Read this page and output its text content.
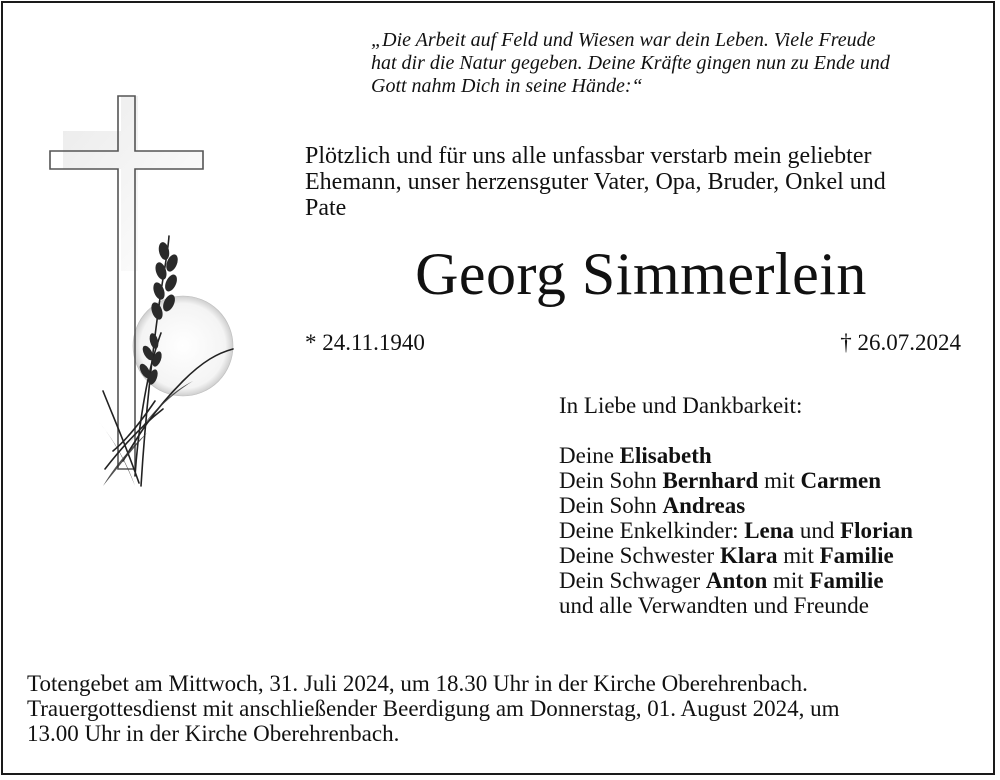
„Die Arbeit auf Feld und Wiesen war dein Leben. Viele Freude
hat dir die Natur gegeben. Deine Kräfte gingen nun zu Ende und
Gott nahm Dich in seine Hände:“
Plötzlich und für uns alle unfassbar verstarb mein geliebter
Ehemann, unser herzensguter Vater, Opa, Bruder, Onkel und
Pate
Georg Simmerlein
* 24.11.1940	† 26.07.2024
In Liebe und Dankbarkeit:
Deine Elisabeth
Dein Sohn Bernhard mit Carmen
Dein Sohn Andreas
Deine Enkelkinder: Lena und Florian
Deine Schwester Klara mit Familie
Dein Schwager Anton mit Familie
und alle Verwandten und Freunde
Totengebet am Mittwoch, 31. Juli 2024, um 18.30 Uhr in der Kirche Oberehrenbach.
Trauergottesdienst mit anschließender Beerdigung am Donnerstag, 01. August 2024, um
13.00 Uhr in der Kirche Oberehrenbach.
